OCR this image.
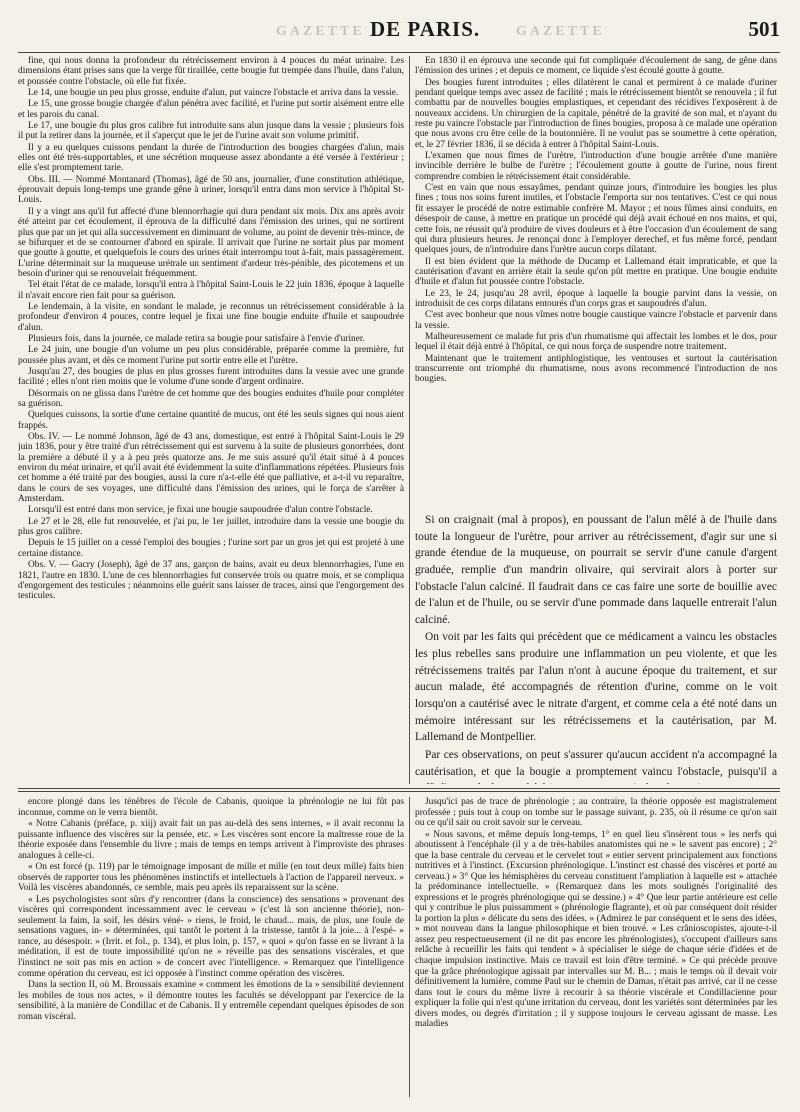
GAZETTE DE PARIS.	GAZETTE	501

fine, qui nous donna la profondeur du rétrécissement environ à 4 pouces du méat urinaire. Les dimensions étant prises sans que la verge fût tiraillée, cette bougie fut trempée dans l'huile, dans l'alun, et poussée contre l'obstacle, où elle fut fixée.

Le 14, une bougie un peu plus grosse, enduite d'alun, put vaincre l'obstacle et arriva dans la vessie.

Le 15, une grosse bougie chargée d'alun pénétra avec facilité, et l'urine put sortir aisément entre elle et les parois du canal.

Le 17, une bougie du plus gros calibre fut introduite sans alun jusque dans la vessie ; plusieurs fois il put la retirer dans la journée, et il s'aperçut que le jet de l'urine avait son volume primitif.

Il y a eu quelques cuissons pendant la durée de l'introduction des bougies chargées d'alun, mais elles ont été très-supportables, et une sécrétion muqueuse assez abondante a été versée à l'extérieur ; elle s'est promptement tarie.

Obs. III. — Nommé Montanard (Thomas), âgé de 50 ans, journalier, d'une constitution athlétique, éprouvait depuis long-temps une grande gêne à uriner, lorsqu'il entra dans mon service à l'hôpital St-Louis.

Il y a vingt ans qu'il fut affecté d'une blennorrhagie qui dura pendant six mois. Dix ans après avoir été atteint par cet écoulement, il éprouva de la difficulté dans l'émission des urines, qui ne sortirent plus que par un jet qui alla successivement en diminuant de volume, au point de devenir très-mince, de se bifurquer et de se contourner d'abord en spirale. Il arrivait que l'urine ne sortait plus par moment que goutte à goutte, et quelquefois le cours des urines était interrompu tout à-fait, mais passagèrement. L'urine déterminait sur la muqueuse urétrale un sentiment d'ardeur très-pénible, des picotemens et un besoin d'uriner qui se renouvelait fréquemment.

Tel était l'état de ce malade, lorsqu'il entra à l'hôpital Saint-Louis le 22 juin 1836, époque à laquelle il n'avait encore rien fait pour sa guérison.

Le lendemain, à la visite, en sondant le malade, je reconnus un rétrécissement considérable à la profondeur d'environ 4 pouces, contre lequel je fixai une fine bougie enduite d'huile et saupoudrée d'alun.

Plusieurs fois, dans la journée, ce malade retira sa bougie pour satisfaire à l'envie d'uriner.

Le 24 juin, une bougie d'un volume un peu plus considérable, préparée comme la première, fut poussée plus avant, et dès ce moment l'urine put sortir entre elle et l'urètre.

Jusqu'au 27, des bougies de plus en plus grosses furent introduites dans la vessie avec une grande facilité ; elles n'ont rien moins que le volume d'une sonde d'argent ordinaire.

Désormais on ne glissa dans l'urètre de cet homme que des bougies enduites d'huile pour compléter sa guérison.

Quelques cuissons, la sortie d'une certaine quantité de mucus, ont été les seuls signes qui nous aient frappés.

Obs. IV. — Le nommé Johnson, âgé de 43 ans, domestique, est entré à l'hôpital Saint-Louis le 29 juin 1836, pour y être traité d'un rétrécissement qui est survenu à la suite de plusieurs gonorrhées, dont la première a débuté il y a à peu près quatorze ans. Je me suis assuré qu'il était situé à 4 pouces environ du méat urinaire, et qu'il avait été évidemment la suite d'inflammations répétées. Plusieurs fois cet homme a été traité par des bougies, aussi la cure n'a-t-elle été que palliative, et a-t-il vu reparaître, dans le cours de ses voyages, une difficulté dans l'émission des urines, qui le força de s'arrêter à Amsterdam.

Lorsqu'il est entré dans mon service, je fixai une bougie saupoudrée d'alun contre l'obstacle.

Le 27 et le 28, elle fut renouvelée, et j'ai pu, le 1er juillet, introduire dans la vessie une bougie du plus gros calibre.

Depuis le 15 juillet on a cessé l'emploi des bougies ; l'urine sort par un gros jet qui est projeté à une certaine distance.

Obs. V. — Gacry (Joseph), âgé de 37 ans, garçon de bains, avait eu deux blennorrhagies, l'une en 1821, l'autre en 1830. L'une de ces blennorrhagies fut conservée trois ou quatre mois, et se compliqua d'engorgement des testicules ; néanmoins elle guérit sans laisser de traces, ainsi que l'engorgement des testicules.

En 1830 il en éprouva une seconde qui fut compliquée d'écoulement de sang, de gêne dans l'émission des urines ; et depuis ce moment, ce liquide s'est écoulé goutte à goutte.

Des bougies furent introduites ; elles dilatèrent le canal et permirent à ce malade d'uriner pendant quelque temps avec assez de facilité ; mais le rétrécissement bientôt se renouvela ; il fut combattu par de nouvelles bougies emplastiques, et cependant des récidives l'exposèrent à de nouveaux accidens. Un chirurgien de la capitale, pénétré de la gravité de son mal, et n'ayant du reste pu vaincre l'obstacle par l'introduction de fines bougies, proposa à ce malade une opération que nous avons cru être celle de la boutonnière. Il ne voulut pas se soumettre à cette opération, et, le 27 février 1836, il se décida à entrer à l'hôpital Saint-Louis.

L'examen que nous fîmes de l'urètre, l'introduction d'une bougie arrêtée d'une manière invincible derrière le bulbe de l'urètre ; l'écoulement goutte à goutte de l'urine, nous firent comprendre combien le rétrécissement était considérable.

C'est en vain que nous essayâmes, pendant quinze jours, d'introduire les bougies les plus fines ; tous nos soins furent inutiles, et l'obstacle l'emporta sur nos tentatives. C'est ce qui nous fit essayer le procédé de notre estimable confrère M. Mayor ; et nous fûmes ainsi conduits, en désespoir de cause, à mettre en pratique un procédé qui déjà avait échoué en nos mains, et qui, cette fois, ne réussit qu'à produire de vives douleurs et à être l'occasion d'un écoulement de sang qui dura plusieurs heures. Je renonçai donc à l'employer derechef, et fus même forcé, pendant quelques jours, de n'introduire dans l'urètre aucun corps dilatant.

Il est bien évident que la méthode de Ducamp et Lallemand était impraticable, et que la cautérisation d'avant en arrière était la seule qu'on pût mettre en pratique. Une bougie enduite d'huile et d'alun fut poussée contre l'obstacle.

Le 23, le 24, jusqu'au 28 avril, époque à laquelle la bougie parvint dans la vessie, on introduisit de ces corps dilatans entourés d'un corps gras et saupoudrés d'alun.

C'est avec bonheur que nous vîmes notre bougie caustique vaincre l'obstacle et parvenir dans la vessie.

Malheureusement ce malade fut pris d'un rhumatisme qui affectait les lombes et le dos, pour lequel il était déjà entré à l'hôpital, ce qui nous força de suspendre notre traitement.

Maintenant que le traitement antiphlogistique, les ventouses et surtout la cautérisation transcurrente ont triomphé du rhumatisme, nous avons recommencé l'introduction de nos bougies.

Si on craignait (mal à propos), en poussant de l'alun mêlé à de l'huile dans toute la longueur de l'urètre, pour arriver au rétrécissement, d'agir sur une si grande étendue de la muqueuse, on pourrait se servir d'une canule d'argent graduée, remplie d'un mandrin olivaire, qui servirait alors à porter sur l'obstacle l'alun calciné. Il faudrait dans ce cas faire une sorte de bouillie avec de l'alun et de l'huile, ou se servir d'une pommade dans laquelle entrerait l'alun calciné.

On voit par les faits qui précèdent que ce médicament a vaincu les obstacles les plus rebelles sans produire une inflammation un peu violente, et que les rétrécissemens traités par l'alun n'ont à aucune époque du traitement, et sur aucun malade, été accompagnés de rétention d'urine, comme on le voit lorsqu'on a cautérisé avec le nitrate d'argent, et comme cela a été noté dans un mémoire intéressant sur les rétrécissemens et la cautérisation, par M. Lallemand de Montpellier.

Par ces observations, on peut s'assurer qu'aucun accident n'a accompagné la cautérisation, et que la bougie a promptement vaincu l'obstacle, puisqu'il a

encore plongé dans les ténèbres de l'école de Cabanis, quoique la phrénologie ne lui fût pas inconnue, comme on le verra bientôt.

« Notre Cabanis (préface, p. xiij) avait fait un pas au-delà des sens internes, » il avait reconnu la puissante influence des viscères sur la pensée, etc. » Les viscères sont encore la maîtresse roue de la théorie exposée dans l'ensemble du livre ; mais de temps en temps arrivent à l'improviste des phrases analogues à celle-ci.

« On est forcé (p. 119) par le témoignage imposant de mille et mille (en tout deux mille) faits bien observés de rapporter tous les phénomènes instinctifs et intellectuels à l'action de l'appareil nerveux. » Voilà les viscères abandonnés, ce semble, mais peu après ils reparaissent sur la scène.

« Les psychologistes sont sûrs d'y rencontrer (dans la conscience) des sensations » provenant des viscères qui correspondent incessamment avec le cerveau » (c'est là son ancienne théorie), non-seulement la faim, la soif, les désirs véné- » riens, le froid, le chaud... mais, de plus, une foule de sensations vagues, in- » déterminées, qui tantôt le portent à la tristesse, tantôt à la joie... à l'espé- » rance, au désespoir. » (Irrit. et fol., p. 134), et plus loin, p. 157, « quoi » qu'on fasse en se livrant à la méditation, il est de toute impossibilité qu'on ne » réveille pas des sensations viscérales, et que l'instinct ne soit pas mis en action » de concert avec l'intelligence. » Remarquez que l'intelligence comme opération du cerveau, est ici opposée à l'instinct comme opération des viscères.

Dans la section II, où M. Broussais examine « comment les émotions de la » sensibilité deviennent les mobiles de tous nos actes, » il démontre toutes les facultés se développant par l'exercice de la sensibilité, à la manière de Condillac et de Cabanis. Il y entremêle cependant quelques épisodes de son roman viscéral.

Jusqu'ici pas de trace de phrénologie ; au contraire, la théorie opposée est magistralement professée ; puis tout à coup on tombe sur le passage suivant, p. 235, où il résume ce qu'on sait ou ce qu'il sait ou croit savoir sur le cerveau.

« Nous savons, et même depuis long-temps, 1° en quel lieu s'insèrent tous » les nerfs qui aboutissent à l'encéphale (il y a de très-habiles anatomistes qui ne » le savent pas encore) ; 2° que la base centrale du cerveau et le cervelet tout » entier servent principalement aux fonctions nutritives et à l'instinct. (Excursion phrénologique. L'instinct est chassé des viscères et porté au cerveau.) » 3° Que les hémisphères du cerveau constituent l'ampliation à laquelle est » attachée la prédominance intellectuelle. » (Remarquez dans les mots soulignés l'originalité des expressions et le progrès phrénologique qui se dessine.) » 4° Que leur partie antérieure est celle qui y contribue le plus puissamment » (phrénologie flagrante), et où par conséquent doit résider la portion la plus » délicate du sens des idées. » (Admirez le par conséquent et le sens des idées, » mot nouveau dans la langue philosophique et bien trouvé. « Les crânioscopistes, ajoute-t-il assez peu respectueusement (il ne dit pas encore les phrénologistes), s'occupent d'ailleurs sans relâche à recueillir les faits qui tendent » à spécialiser le siége de chaque série d'idées et de chaque impulsion instinctive. Mais ce travail est loin d'être terminé. » Ce qui précède prouve que la grâce phrénologique agissait par intervalles sur M. B... ; mais le temps où il devait voir définitivement la lumière, comme Paul sur le chemin de Damas, n'était pas arrivé, car il ne cesse dans tout le cours du même livre à recourir à sa théorie viscérale et Condillacienne pour expliquer la folie qui n'est qu'une irritation du cerveau, dont les variétés sont déterminées par les divers modes, ou degrés d'irritation ; il y suppose toujours le cerveau agissant de masse. Les maladies
